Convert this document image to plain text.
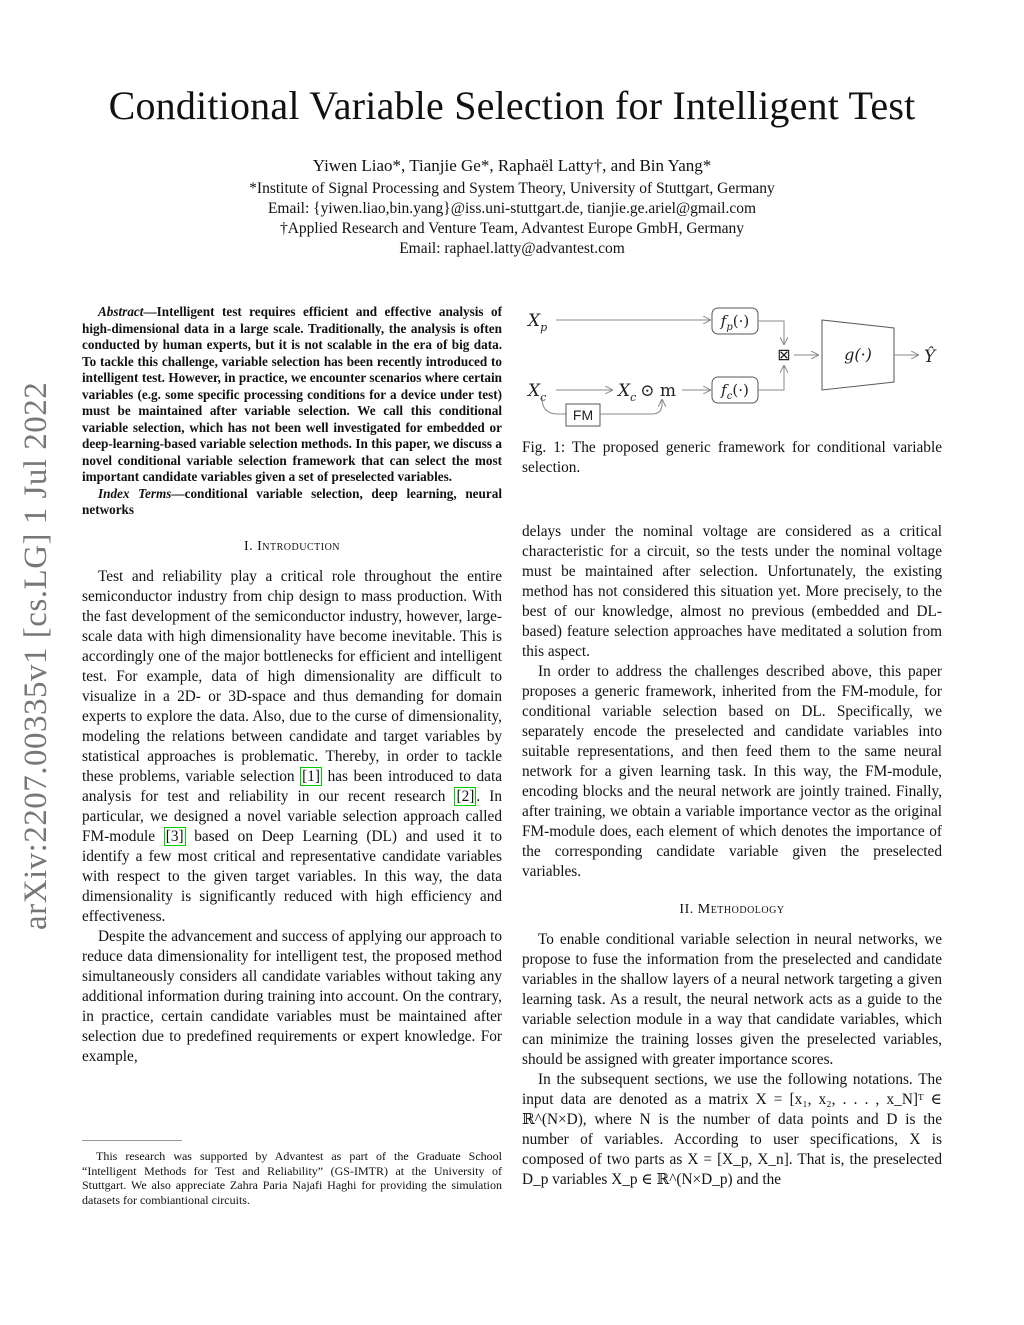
Conditional Variable Selection for Intelligent Test
Yiwen Liao*, Tianjie Ge*, Raphaël Latty†, and Bin Yang*
*Institute of Signal Processing and System Theory, University of Stuttgart, Germany
Email: {yiwen.liao,bin.yang}@iss.uni-stuttgart.de, tianjie.ge.ariel@gmail.com
†Applied Research and Venture Team, Advantest Europe GmbH, Germany
Email: raphael.latty@advantest.com
arXiv:2207.00335v1 [cs.LG] 1 Jul 2022

Abstract—Intelligent test requires efficient and effective analysis of high-dimensional data in a large scale. Traditionally, the analysis is often conducted by human experts, but it is not scalable in the era of big data. To tackle this challenge, variable selection has been recently introduced to intelligent test. However, in practice, we encounter scenarios where certain variables (e.g. some specific processing conditions for a device under test) must be maintained after variable selection. We call this conditional variable selection, which has not been well investigated for embedded or deep-learning-based variable selection methods. In this paper, we discuss a novel conditional variable selection framework that can select the most important candidate variables given a set of preselected variables.

Index Terms—conditional variable selection, deep learning, neural networks

I. Introduction

Test and reliability play a critical role throughout the entire semiconductor industry from chip design to mass production. With the fast development of the semiconductor industry, however, large-scale data with high dimensionality have become inevitable. This is accordingly one of the major bottlenecks for efficient and intelligent test. For example, data of high dimensionality are difficult to visualize in a 2D- or 3D-space and thus demanding for domain experts to explore the data. Also, due to the curse of dimensionality, modeling the relations between candidate and target variables by statistical approaches is problematic. Thereby, in order to tackle these problems, variable selection [1] has been introduced to data analysis for test and reliability in our recent research [2] . In particular, we designed a novel variable selection approach called FM-module [3] based on Deep Learning (DL) and used it to identify a few most critical and representative candidate variables with respect to the given target variables. In this way, the data dimensionality is significantly reduced with high efficiency and effectiveness.

Despite the advancement and success of applying our approach to reduce data dimensionality for intelligent test, the proposed method simultaneously considers all candidate variables without taking any additional information during training into account. On the contrary, in practice, certain candidate variables must be maintained after selection due to predefined requirements or expert knowledge. For example,

This research was supported by Advantest as part of the Graduate School “Intelligent Methods for Test and Reliability” (GS-IMTR) at the University of Stuttgart. We also appreciate Zahra Paria Najafi Haghi for providing the simulation datasets for combiantional circuits.
$X_p$
$X_c$	$X_c$ ⊙ m
FM
$f_p(\cdot)$
$f_c(\cdot)$
⊠	g(·)	Ŷ
Fig. 1: The proposed generic framework for conditional variable selection.

delays under the nominal voltage are considered as a critical characteristic for a circuit, so the tests under the nominal voltage must be maintained after selection. Unfortunately, the existing method has not considered this situation yet. More precisely, to the best of our knowledge, almost no previous (embedded and DL-based) feature selection approaches have meditated a solution from this aspect.

In order to address the challenges described above, this paper proposes a generic framework, inherited from the FM-module, for conditional variable selection based on DL. Specifically, we separately encode the preselected and candidate variables into suitable representations, and then feed them to the same neural network for a given learning task. In this way, the FM-module, encoding blocks and the neural network are jointly trained. Finally, after training, we obtain a variable importance vector as the original FM-module does, each element of which denotes the importance of the corresponding candidate variable given the preselected variables.

II. Methodology

To enable conditional variable selection in neural networks, we propose to fuse the information from the preselected and candidate variables in the shallow layers of a neural network targeting a given learning task. As a result, the neural network acts as a guide to the variable selection module in a way that candidate variables, which can minimize the training losses given the preselected variables, should be assigned with greater importance scores.

In the subsequent sections, we use the following notations. The input data are denoted as a matrix X = [x₁, x₂, . . . , x_N]ᵀ ∈ ℝ^(N×D), where N is the number of data points and D is the number of variables. According to user specifications, X is composed of two parts as X = [X_p, X_n]. That is, the preselected D_p variables X_p ∈ ℝ^(N×D_p) and the
